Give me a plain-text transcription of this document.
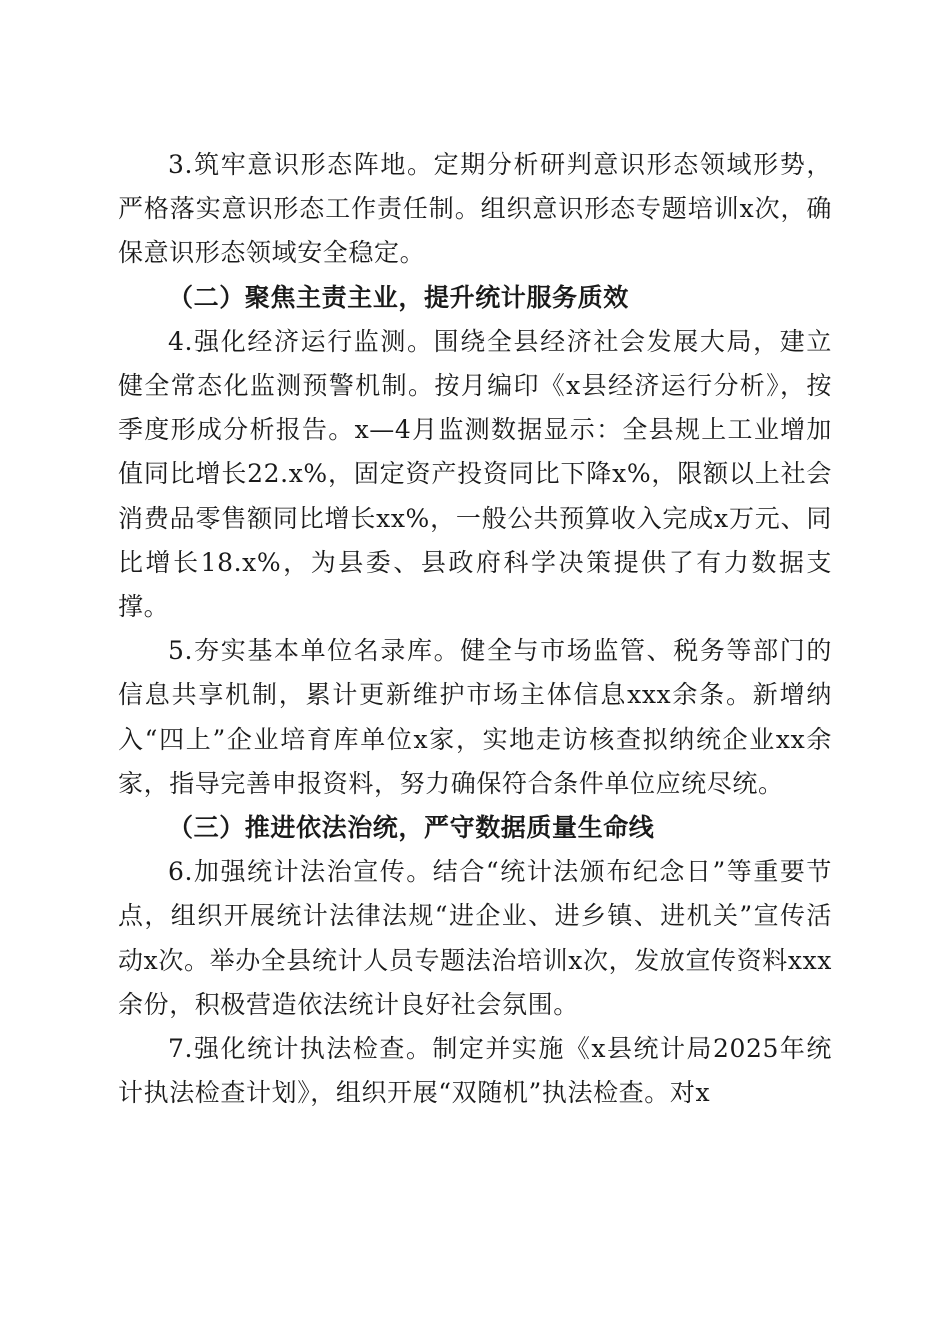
3.筑牢意识形态阵地。定期分析研判意识形态领域形势，严格落实意识形态工作责任制。组织意识形态专题培训x次，确保意识形态领域安全稳定。

（二）聚焦主责主业，提升统计服务质效

4.强化经济运行监测。围绕全县经济社会发展大局，建立健全常态化监测预警机制。按月编印《x县经济运行分析》，按季度形成分析报告。x—4月监测数据显示：全县规上工业增加值同比增长22.x%，固定资产投资同比下降x%，限额以上社会消费品零售额同比增长xx%，一般公共预算收入完成x万元、同比增长18.x%，为县委、县政府科学决策提供了有力数据支撑。

5.夯实基本单位名录库。健全与市场监管、税务等部门的信息共享机制，累计更新维护市场主体信息xxx余条。新增纳入“四上”企业培育库单位x家，实地走访核查拟纳统企业xx余家，指导完善申报资料，努力确保符合条件单位应统尽统。

（三）推进依法治统，严守数据质量生命线

6.加强统计法治宣传。结合“统计法颁布纪念日”等重要节点，组织开展统计法律法规“进企业、进乡镇、进机关”宣传活动x次。举办全县统计人员专题法治培训x次，发放宣传资料xxx余份，积极营造依法统计良好社会氛围。

7.强化统计执法检查。制定并实施《x县统计局2025年统计执法检查计划》，组织开展“双随机”执法检查。对x
